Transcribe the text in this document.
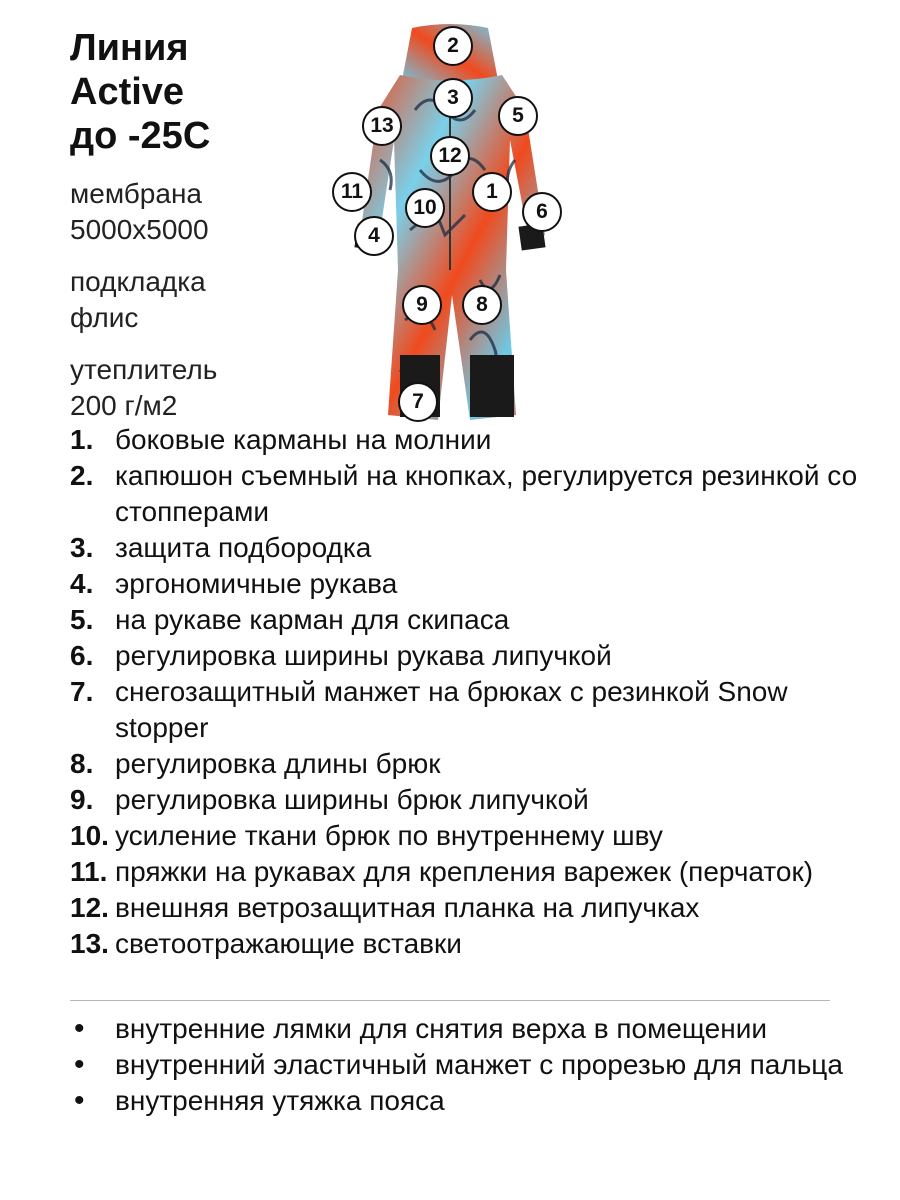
Линия
Active
до -25C
мембрана
5000x5000
подкладка
флис
утеплитель
200 г/м2
2
3
5
13
12
11	1
10	6
4
9	8
7
1. боковые карманы на молнии
2. капюшон съемный на кнопках, регулируется резинкой со стопперами
3. защита подбородка
4. эргономичные рукава
5. на рукаве карман для скипаса
6. регулировка ширины рукава липучкой
7. снегозащитный манжет на брюках с резинкой Snow stopper
8. регулировка длины брюк
9. регулировка ширины брюк липучкой
10. усиление ткани брюк по внутреннему шву
11. пряжки на рукавах для крепления варежек (перчаток)
12. внешняя ветрозащитная планка на липучках
13. светоотражающие вставки
•	внутренние лямки для снятия верха в помещении
•	внутренний эластичный манжет с прорезью для пальца
•	внутренняя утяжка пояса
